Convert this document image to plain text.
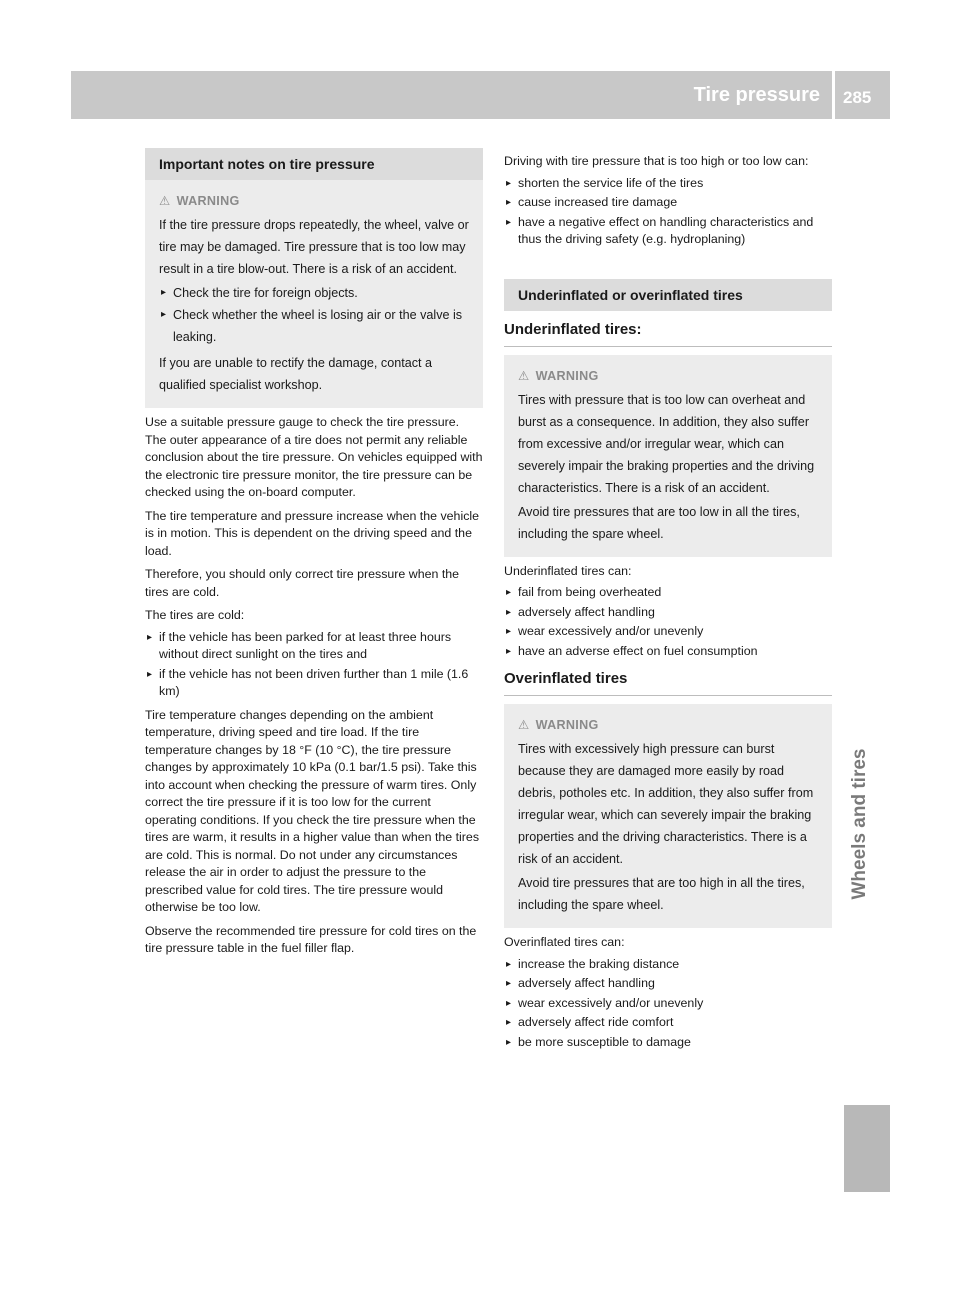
Tire pressure 285
Wheels and tires
Important notes on tire pressure

⚠ WARNING

If the tire pressure drops repeatedly, the wheel, valve or tire may be damaged. Tire pressure that is too low may result in a tire blow-out. There is a risk of an accident.

▸ Check the tire for foreign objects.
▸ Check whether the wheel is losing air or the valve is leaking.

If you are unable to rectify the damage, contact a qualified specialist workshop.

Use a suitable pressure gauge to check the tire pressure. The outer appearance of a tire does not permit any reliable conclusion about the tire pressure. On vehicles equipped with the electronic tire pressure monitor, the tire pressure can be checked using the on-board computer.

The tire temperature and pressure increase when the vehicle is in motion. This is dependent on the driving speed and the load.

Therefore, you should only correct tire pressure when the tires are cold.

The tires are cold:

▸ if the vehicle has been parked for at least three hours without direct sunlight on the tires and
▸ if the vehicle has not been driven further than 1 mile (1.6 km)

Tire temperature changes depending on the ambient temperature, driving speed and tire load. If the tire temperature changes by 18 °F (10 °C), the tire pressure changes by approximately 10 kPa (0.1 bar/1.5 psi). Take this into account when checking the pressure of warm tires. Only correct the tire pressure if it is too low for the current operating conditions. If you check the tire pressure when the tires are warm, it results in a higher value than when the tires are cold. This is normal. Do not under any circumstances release the air in order to adjust the pressure to the prescribed value for cold tires. The tire pressure would otherwise be too low.

Observe the recommended tire pressure for cold tires on the tire pressure table in the fuel filler flap.

Driving with tire pressure that is too high or too low can:

▸ shorten the service life of the tires
▸ cause increased tire damage
▸ have a negative effect on handling characteristics and thus the driving safety (e.g. hydroplaning)
Underinflated or overinflated tires
Underinflated tires:

⚠ WARNING

Tires with pressure that is too low can overheat and burst as a consequence. In addition, they also suffer from excessive and/or irregular wear, which can severely impair the braking properties and the driving characteristics. There is a risk of an accident.

Avoid tire pressures that are too low in all the tires, including the spare wheel.

Underinflated tires can:

▸ fail from being overheated
▸ adversely affect handling
▸ wear excessively and/or unevenly
▸ have an adverse effect on fuel consumption
Overinflated tires

⚠ WARNING

Tires with excessively high pressure can burst because they are damaged more easily by road debris, potholes etc. In addition, they also suffer from irregular wear, which can severely impair the braking properties and the driving characteristics. There is a risk of an accident.

Avoid tire pressures that are too high in all the tires, including the spare wheel.

Overinflated tires can:

▸ increase the braking distance
▸ adversely affect handling
▸ wear excessively and/or unevenly
▸ adversely affect ride comfort
▸ be more susceptible to damage
